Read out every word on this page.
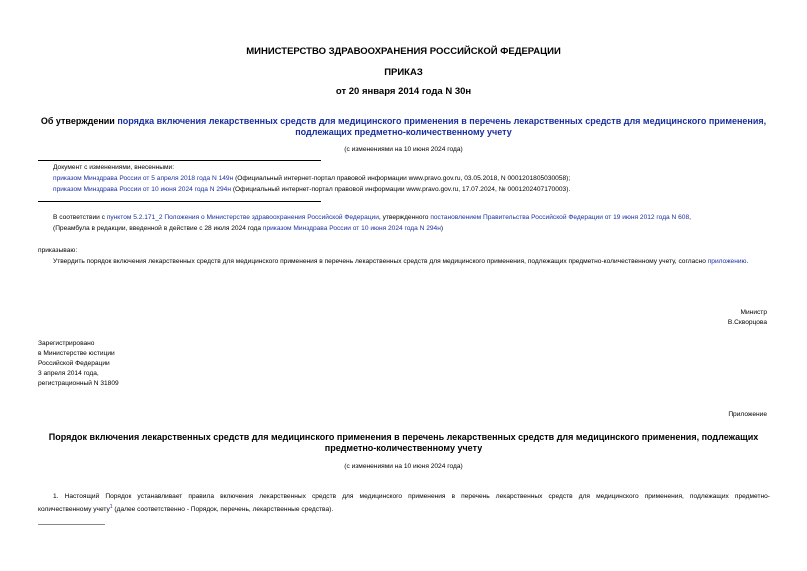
МИНИСТЕРСТВО ЗДРАВООХРАНЕНИЯ РОССИЙСКОЙ ФЕДЕРАЦИИ
ПРИКАЗ
от 20 января 2014 года N 30н
Об утверждении порядка включения лекарственных средств для медицинского применения в перечень лекарственных средств для медицинского применения,
подлежащих предметно-количественному учету
(с изменениями на 10 июня 2024 года)
Документ с изменениями, внесенными:
приказом Минздрава России от 5 апреля 2018 года N 149н (Официальный интернет-портал правовой информации www.pravo.gov.ru, 03.05.2018, N 0001201805030058);
приказом Минздрава России от 10 июня 2024 года N 294н (Официальный интернет-портал правовой информации www.pravo.gov.ru, 17.07.2024, № 0001202407170003).
В соответствии с пунктом 5.2.171_2 Положения о Министерстве здравоохранения Российской Федерации, утвержденного постановлением Правительства Российской Федерации от 19 июня 2012 года N 608,
(Преамбула в редакции, введенной в действие с 28 июля 2024 года приказом Минздрава России от 10 июня 2024 года N 294н)
приказываю:
Утвердить порядок включения лекарственных средств для медицинского применения в перечень лекарственных средств для медицинского применения, подлежащих предметно-количественному учету, согласно приложению.
Министр
В.Скворцова
Зарегистрировано
в Министерстве юстиции
Российской Федерации
3 апреля 2014 года,
регистрационный N 31809
Приложение
Порядок включения лекарственных средств для медицинского применения в перечень лекарственных средств для медицинского применения, подлежащих
предметно-количественному учету
(с изменениями на 10 июня 2024 года)
1. Настоящий Порядок устанавливает правила включения лекарственных средств для медицинского применения в перечень лекарственных средств для медицинского применения, подлежащих предметно-
количественному учету$^1$ (далее соответственно - Порядок, перечень, лекарственные средства).
